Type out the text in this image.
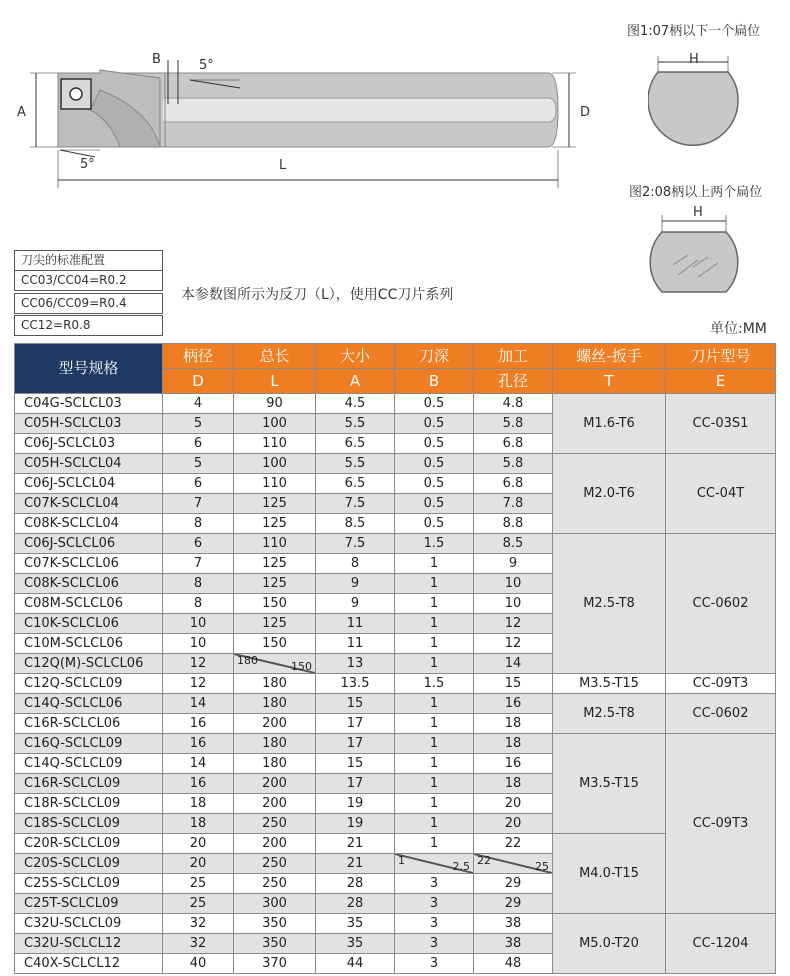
A
B	5°
5°	L
D
图1:07柄以下一个扁位
H
图2:08柄以上两个扁位
H
刀尖的标准配置
CC03/CC04=R0.2
CC06/CC09=R0.4
CC12=R0.8
本参数图所示为反刀（L），使用CC刀片系列
单位:MM
型号规格	柄径	总长	大小	刀深	加工	螺丝-扳手	刀片型号
	D	L	A	B	孔径	T	E
C04G-SCLCL03	4	90	4.5	0.5	4.8	M1.6-T6	CC-03S1
C05H-SCLCL03	5	100	5.5	0.5	5.8		
C06J-SCLCL03	6	110	6.5	0.5	6.8		
C05H-SCLCL04	5	100	5.5	0.5	5.8	M2.0-T6	CC-04T
C06J-SCLCL04	6	110	6.5	0.5	6.8		
C07K-SCLCL04	7	125	7.5	0.5	7.8		
C08K-SCLCL04	8	125	8.5	0.5	8.8		
C06J-SCLCL06	6	110	7.5	1.5	8.5	M2.5-T8	CC-0602
C07K-SCLCL06	7	125	8	1	9		
C08K-SCLCL06	8	125	9	1	10		
C08M-SCLCL06	8	150	9	1	10		
C10K-SCLCL06	10	125	11	1	12		
C10M-SCLCL06	10	150	11	1	12		
C12Q(M)-SCLCL06	12	180 150	13	1	14		
C12Q-SCLCL09	12	180	13.5	1.5	15	M3.5-T15	CC-09T3
C14Q-SCLCL06	14	180	15	1	16	M2.5-T8	CC-0602
C16R-SCLCL06	16	200	17	1	18		
C16Q-SCLCL09	16	180	17	1	18	M3.5-T15	CC-09T3
C14Q-SCLCL09	14	180	15	1	16		
C16R-SCLCL09	16	200	17	1	18		
C18R-SCLCL09	18	200	19	1	20		
C18S-SCLCL09	18	250	19	1	20		
C20R-SCLCL09	20	200	21	1	22	M4.0-T15	
C20S-SCLCL09	20	250	21	1 2.5	22 25		

C25S-SCLCL09	25	250	28	3	29		
C25T-SCLCL09	25	300	28	3	29		
C32U-SCLCL09	32	350	35	3	38	M5.0-T20	CC-1204
C32U-SCLCL12	32	350	35	3	38		
C40X-SCLCL12	40	370	44	3	48		
